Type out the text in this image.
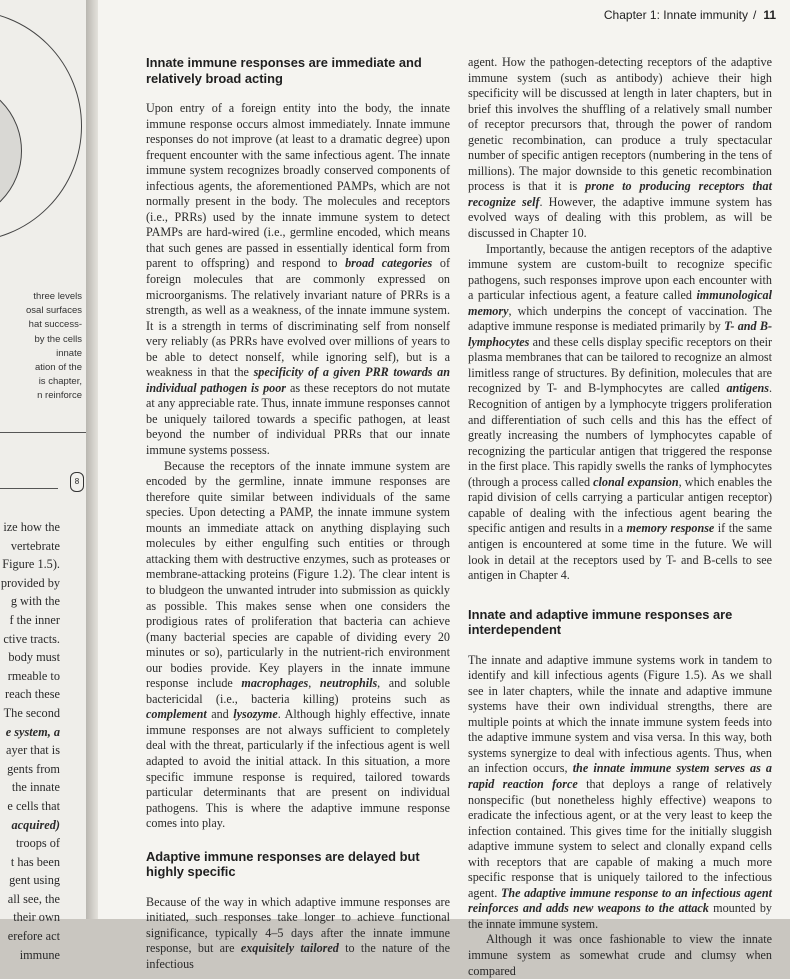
three levels
osal surfaces
hat success-
by the cells
innate
ation of the
is chapter,
n reinforce
8
ize how the
vertebrate
Figure 1.5).
provided by
g with the
f the inner
ctive tracts.
body must
rmeable to
reach these
The second
e system, a
ayer that is
gents from
the innate
e cells that
acquired)
troops of
t has been
gent using
all see, the
their own
erefore act
immune
Chapter 1: Innate immunity / 11
Innate immune responses are immediate and relatively broad acting

Upon entry of a foreign entity into the body, the innate immune response occurs almost immediately. Innate immune responses do not improve (at least to a dramatic degree) upon frequent encounter with the same infectious agent. The innate immune system recognizes broadly conserved components of infectious agents, the aforementioned PAMPs, which are not normally present in the body. The molecules and receptors (i.e., PRRs) used by the innate immune system to detect PAMPs are hard-wired (i.e., germline encoded, which means that such genes are passed in essentially identical form from parent to offspring) and respond to broad categories of foreign molecules that are commonly expressed on microorganisms. The relatively invariant nature of PRRs is a strength, as well as a weakness, of the innate immune system. It is a strength in terms of discriminating self from nonself very reliably (as PRRs have evolved over millions of years to be able to detect nonself, while ignoring self), but is a weakness in that the specificity of a given PRR towards an individual pathogen is poor as these receptors do not mutate at any appreciable rate. Thus, innate immune responses cannot be uniquely tailored towards a specific pathogen, at least beyond the number of individual PRRs that our innate immune systems possess.

Because the receptors of the innate immune system are encoded by the germline, innate immune responses are therefore quite similar between individuals of the same species. Upon detecting a PAMP, the innate immune system mounts an immediate attack on anything displaying such molecules by either engulfing such entities or through attacking them with destructive enzymes, such as proteases or membrane-attacking proteins (Figure 1.2). The clear intent is to bludgeon the unwanted intruder into submission as quickly as possible. This makes sense when one considers the prodigious rates of proliferation that bacteria can achieve (many bacterial species are capable of dividing every 20 minutes or so), particularly in the nutrient-rich environment our bodies provide. Key players in the innate immune response include macrophages, neutrophils, and soluble bactericidal (i.e., bacteria killing) proteins such as complement and lysozyme. Although highly effective, innate immune responses are not always sufficient to completely deal with the threat, particularly if the infectious agent is well adapted to avoid the initial attack. In this situation, a more specific immune response is required, tailored towards particular determinants that are present on individual pathogens. This is where the adaptive immune response comes into play.

Adaptive immune responses are delayed but highly specific

Because of the way in which adaptive immune responses are initiated, such responses take longer to achieve functional significance, typically 4–5 days after the innate immune response, but are exquisitely tailored to the nature of the infectious

agent. How the pathogen-detecting receptors of the adaptive immune system (such as antibody) achieve their high specificity will be discussed at length in later chapters, but in brief this involves the shuffling of a relatively small number of receptor precursors that, through the power of random genetic recombination, can produce a truly spectacular number of specific antigen receptors (numbering in the tens of millions). The major downside to this genetic recombination process is that it is prone to producing receptors that recognize self. However, the adaptive immune system has evolved ways of dealing with this problem, as will be discussed in Chapter 10.

Importantly, because the antigen receptors of the adaptive immune system are custom-built to recognize specific pathogens, such responses improve upon each encounter with a particular infectious agent, a feature called immunological memory, which underpins the concept of vaccination. The adaptive immune response is mediated primarily by T- and B-lymphocytes and these cells display specific receptors on their plasma membranes that can be tailored to recognize an almost limitless range of structures. By definition, molecules that are recognized by T- and B-lymphocytes are called antigens. Recognition of antigen by a lymphocyte triggers proliferation and differentiation of such cells and this has the effect of greatly increasing the numbers of lymphocytes capable of recognizing the particular antigen that triggered the response in the first place. This rapidly swells the ranks of lymphocytes (through a process called clonal expansion, which enables the rapid division of cells carrying a particular antigen receptor) capable of dealing with the infectious agent bearing the specific antigen and results in a memory response if the same antigen is encountered at some time in the future. We will look in detail at the receptors used by T- and B-cells to see antigen in Chapter 4.

Innate and adaptive immune responses are interdependent

The innate and adaptive immune systems work in tandem to identify and kill infectious agents (Figure 1.5). As we shall see in later chapters, while the innate and adaptive immune systems have their own individual strengths, there are multiple points at which the innate immune system feeds into the adaptive immune system and visa versa. In this way, both systems synergize to deal with infectious agents. Thus, when an infection occurs, the innate immune system serves as a rapid reaction force that deploys a range of relatively nonspecific (but nonetheless highly effective) weapons to eradicate the infectious agent, or at the very least to keep the infection contained. This gives time for the initially sluggish adaptive immune system to select and clonally expand cells with receptors that are capable of making a much more specific response that is uniquely tailored to the infectious agent. The adaptive immune response to an infectious agent reinforces and adds new weapons to the attack mounted by the innate immune system.

Although it was once fashionable to view the innate immune system as somewhat crude and clumsy when compared
